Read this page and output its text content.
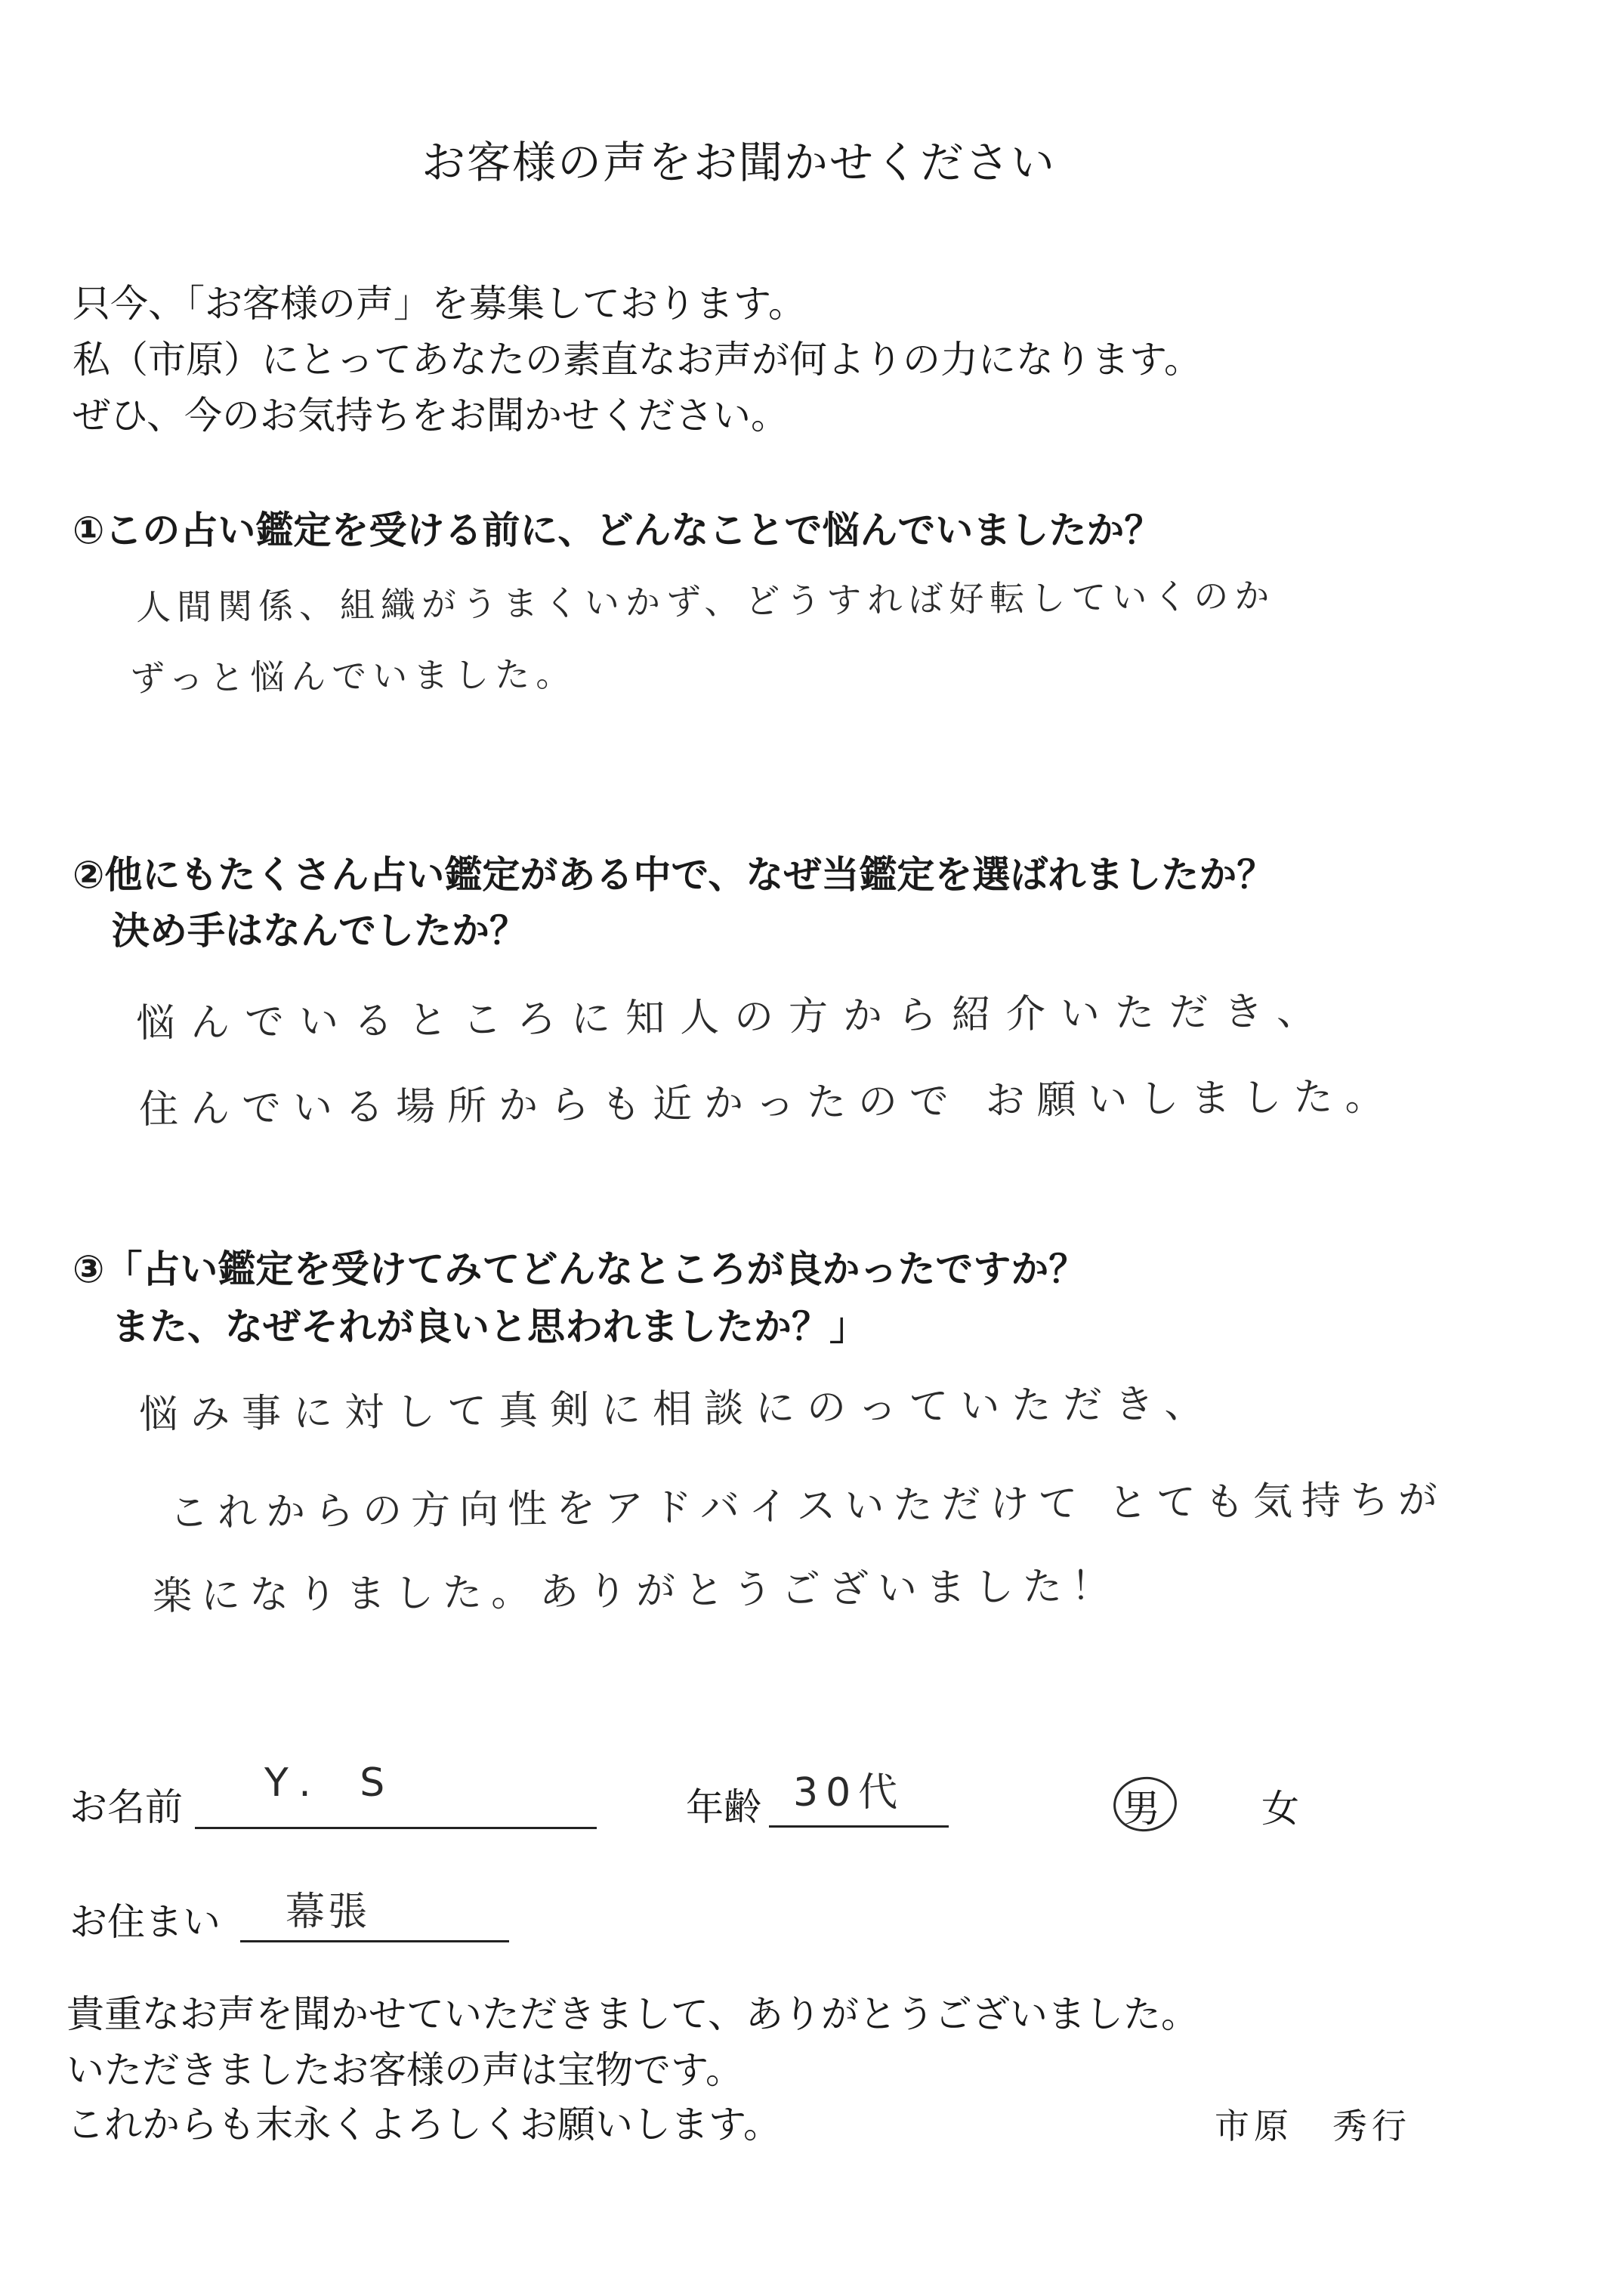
お客様の声をお聞かせください
只今、「お客様の声」を募集しております。
私（市原）にとってあなたの素直なお声が何よりの力になります。
ぜひ、今のお気持ちをお聞かせください。
①この占い鑑定を受ける前に、どんなことで悩んでいましたか？
人間関係、組織がうまくいかず、どうすれば好転していくのか
ずっと悩んでいました。
②他にもたくさん占い鑑定がある中で、なぜ当鑑定を選ばれましたか？
決め手はなんでしたか？
悩んでいるところに知人の方から紹介いただき、
住んでいる場所からも近かったので お願いしました。
③「占い鑑定を受けてみてどんなところが良かったですか？
また、なぜそれが良いと思われましたか？」
悩み事に対して真剣に相談にのっていただき、
これからの方向性をアドバイスいただけて とても気持ちが
楽になりました。ありがとうございました！
お名前
Y. S
年齢 30代	男	女
お住まい 幕張
貴重なお声を聞かせていただきまして、ありがとうございました。
いただきましたお客様の声は宝物です。
これからも末永くよろしくお願いします。	市原　秀行
